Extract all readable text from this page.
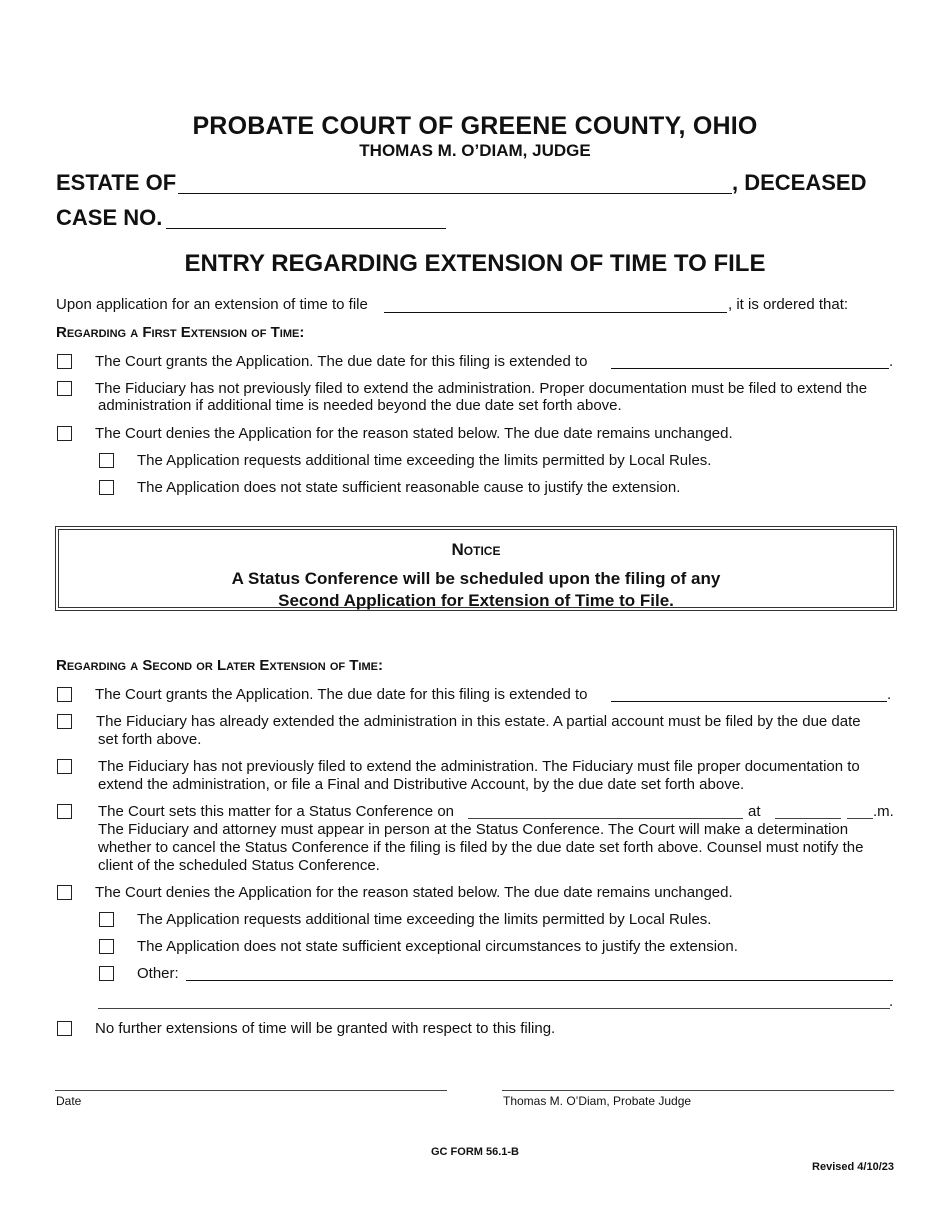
PROBATE COURT OF GREENE COUNTY, OHIO
THOMAS M. O’DIAM, JUDGE
ESTATE OF	, DECEASED
CASE NO.
ENTRY REGARDING EXTENSION OF TIME TO FILE
Upon application for an extension of time to file	, it is ordered that:
Regarding a First Extension of Time:
The Court grants the Application. The due date for this filing is extended to	.
The Fiduciary has not previously filed to extend the administration. Proper documentation must be filed to extend the
administration if additional time is needed beyond the due date set forth above.
The Court denies the Application for the reason stated below. The due date remains unchanged.
The Application requests additional time exceeding the limits permitted by Local Rules.
The Application does not state sufficient reasonable cause to justify the extension.
Notice
A Status Conference will be scheduled upon the filing of any
Second Application for Extension of Time to File.
Regarding a Second or Later Extension of Time:
The Court grants the Application. The due date for this filing is extended to	.
The Fiduciary has already extended the administration in this estate. A partial account must be filed by the due date
set forth above.
The Fiduciary has not previously filed to extend the administration. The Fiduciary must file proper documentation to
extend the administration, or file a Final and Distributive Account, by the due date set forth above.
The Court sets this matter for a Status Conference on	at	.m.
The Fiduciary and attorney must appear in person at the Status Conference. The Court will make a determination
whether to cancel the Status Conference if the filing is filed by the due date set forth above. Counsel must notify the
client of the scheduled Status Conference.
The Court denies the Application for the reason stated below. The due date remains unchanged.
The Application requests additional time exceeding the limits permitted by Local Rules.
The Application does not state sufficient exceptional circumstances to justify the extension.
Other:
.
No further extensions of time will be granted with respect to this filing.
Date	Thomas M. O’Diam, Probate Judge
GC FORM 56.1-B
Revised 4/10/23
